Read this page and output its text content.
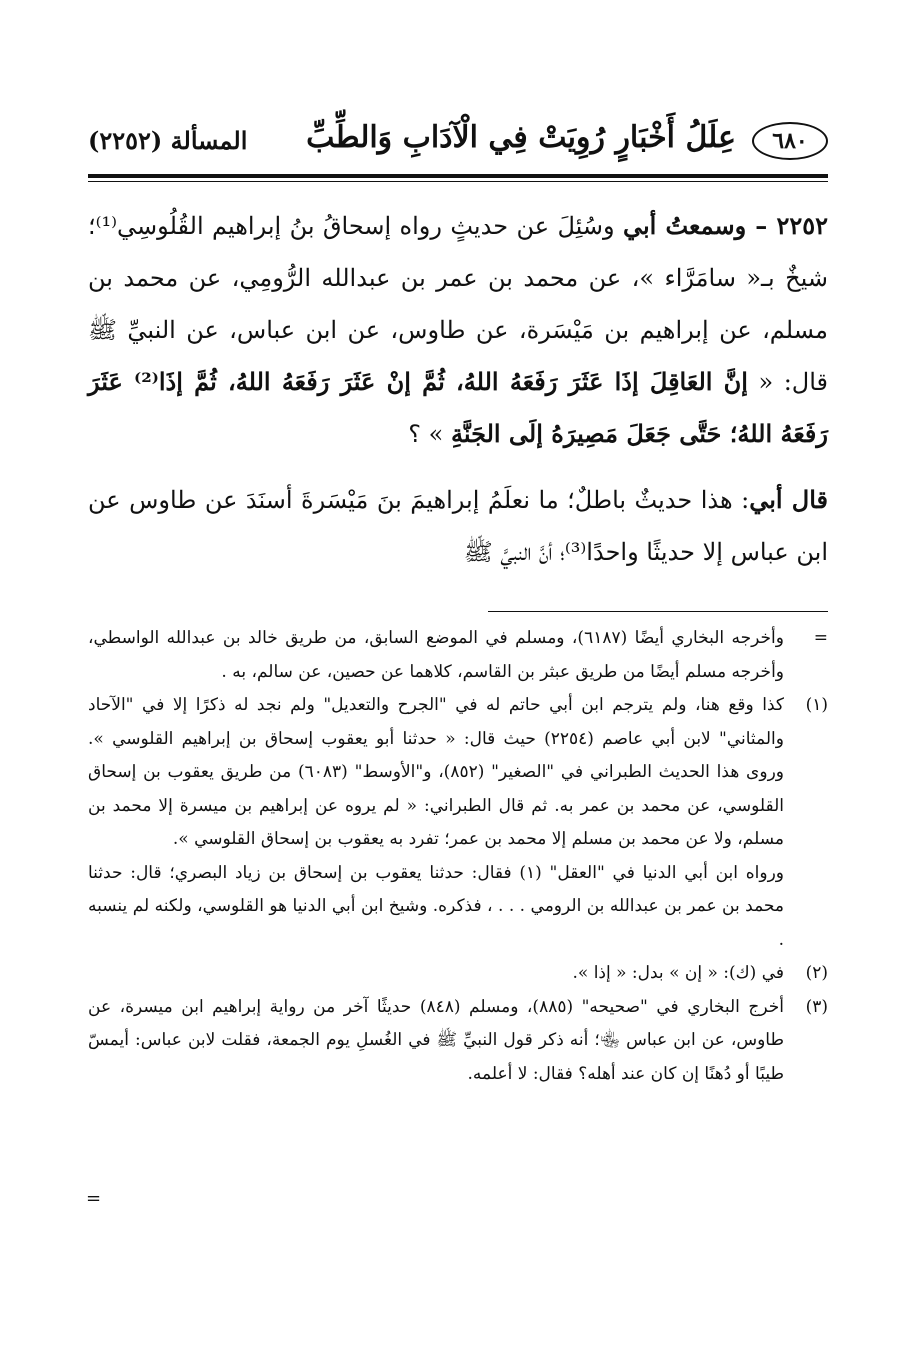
٦٨٠
عِلَلُ أَخْبَارٍ رُوِيَتْ فِي الْآدَابِ وَالطِّبِّ
المسألة (٢٢٥٢)

٢٢٥٢ – وسمعتُ أبي وسُئِلَ عن حديثٍ رواه إسحاقُ بنُ إبراهيم القُلُوسِي⁽¹⁾؛ شيخٌ بـ« سامَرَّاء »، عن محمد بن عمر بن عبدالله الرُّومِي، عن محمد بن مسلم، عن إبراهيم بن مَيْسَرة، عن طاوس، عن ابن عباس، عن النبيِّ ﷺ قال: « إنَّ العَاقِلَ إذَا عَثَرَ رَفَعَهُ اللهُ، ثُمَّ إنْ عَثَرَ رَفَعَهُ اللهُ، ثُمَّ إذَا⁽²⁾ عَثَرَ رَفَعَهُ اللهُ؛ حَتَّى جَعَلَ مَصِيرَهُ إلَى الجَنَّةِ » ؟

قال أبي: هذا حديثٌ باطلٌ؛ ما نعلَمُ إبراهيمَ بنَ مَيْسَرةَ أسنَدَ عن طاوس عن ابن عباس إلا حديثًا واحدًا⁽³⁾؛ أنَّ النبيَّ ﷺ

=
وأخرجه البخاري أيضًا (٦١٨٧)، ومسلم في الموضع السابق، من طريق خالد بن عبدالله الواسطي، وأخرجه مسلم أيضًا من طريق عبثر بن القاسم، كلاهما عن حصين، عن سالم، به .
(١)
كذا وقع هنا، ولم يترجم ابن أبي حاتم له في "الجرح والتعديل" ولم نجد له ذكرًا إلا في "الآحاد والمثاني" لابن أبي عاصم (٢٢٥٤) حيث قال: « حدثنا أبو يعقوب إسحاق بن إبراهيم القلوسي ». وروى هذا الحديث الطبراني في "الصغير" (٨٥٢)، و"الأوسط" (٦٠٨٣) من طريق يعقوب بن إسحاق القلوسي، عن محمد بن عمر به. ثم قال الطبراني: « لم يروه عن إبراهيم بن ميسرة إلا محمد بن مسلم، ولا عن محمد بن مسلم إلا محمد بن عمر؛ تفرد به يعقوب بن إسحاق القلوسي ».
ورواه ابن أبي الدنيا في "العقل" (١) فقال: حدثنا يعقوب بن إسحاق بن زياد البصري؛ قال: حدثنا محمد بن عمر بن عبدالله بن الرومي . . . ، فذكره. وشيخ ابن أبي الدنيا هو القلوسي، ولكنه لم ينسبه .
(٢)
في (ك): « إن » بدل: « إذا ».
(٣)
أخرج البخاري في "صحيحه" (٨٨٥)، ومسلم (٨٤٨) حديثًا آخر من رواية إبراهيم ابن ميسرة، عن طاوس، عن ابن عباس ﵄؛ أنه ذكر قول النبيِّ ﷺ في الغُسلِ يوم الجمعة، فقلت لابن عباس: أيمسّ طيبًا أو دُهنًا إن كان عند أهله؟ فقال: لا أعلمه.
=
